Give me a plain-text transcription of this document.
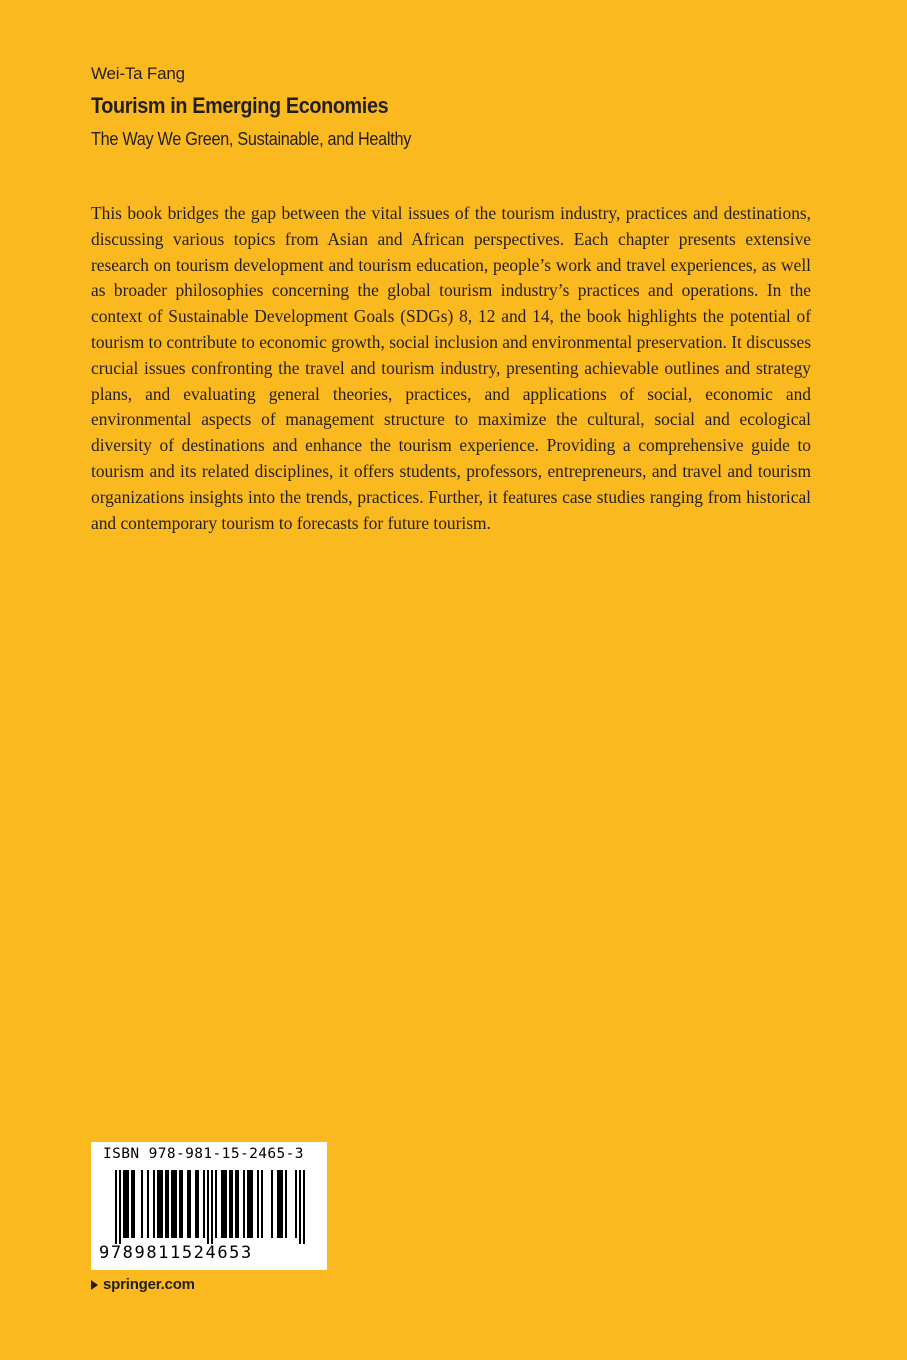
Wei-Ta Fang
Tourism in Emerging Economies
The Way We Green, Sustainable, and Healthy

This book bridges the gap between the vital issues of the tourism industry, practices and destinations, discussing various topics from Asian and African perspectives. Each chapter presents extensive research on tourism development and tourism education, people’s work and travel experiences, as well as broader philosophies concerning the global tourism industry’s practices and operations. In the context of Sustainable Development Goals (SDGs) 8, 12 and 14, the book highlights the potential of tourism to contribute to economic growth, social inclusion and environmental preservation. It discusses crucial issues confronting the travel and tourism industry, presenting achievable outlines and strategy plans, and evaluating general theories, practices, and applications of social, economic and environmental aspects of management structure to maximize the cultural, social and ecological diversity of destinations and enhance the tourism experience. Providing a comprehensive guide to tourism and its related disciplines, it offers students, professors, entrepreneurs, and travel and tourism organizations insights into the trends, practices. Further, it features case studies ranging from historical and contemporary tourism to forecasts for future tourism.

ISBN 978-981-15-2465-3
9789811524653
springer.com
